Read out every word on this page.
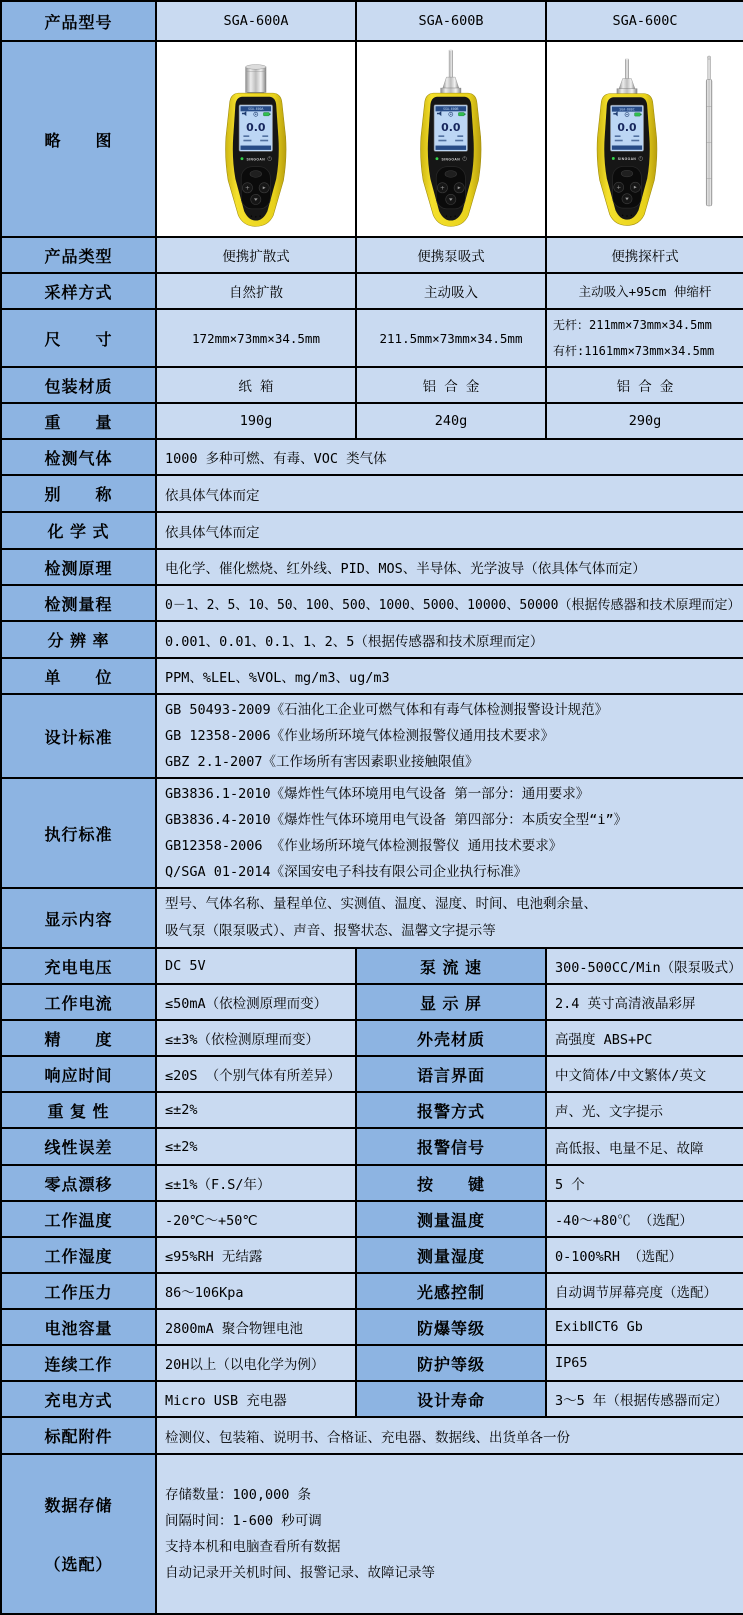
产品型号	SGA-600A	SGA-600B	SGA-600C
略　　图	SGA-600A
0.0
SINGOAN	SGA-600B
0.0
SINGOAN	SGA-600C
0.0
SINGOAN

产品类型	便携扩散式	便携泵吸式	便携探杆式
采样方式	自然扩散	主动吸入	主动吸入+95cm 伸缩杆
尺　　寸	172mm×73mm×34.5mm	211.5mm×73mm×34.5mm	无杆：211mm×73mm×34.5mm
有杆:1161mm×73mm×34.5mm

包装材质	纸 箱	铝 合 金	铝 合 金
重　　量	190g	240g	290g
检测气体	1000 多种可燃、有毒、VOC 类气体		
别　　称	依具体气体而定		
化 学 式	依具体气体而定		
检测原理	电化学、催化燃烧、红外线、PID、MOS、半导体、光学波导（依具体气体而定）		
检测量程	0－1、2、5、10、50、100、500、1000、5000、10000、50000（根据传感器和技术原理而定）		
分 辨 率	0.001、0.01、0.1、1、2、5（根据传感器和技术原理而定）		
单　　位	PPM、%LEL、%VOL、mg/m3、ug/m3		
设计标准	GB 50493-2009《石油化工企业可燃气体和有毒气体检测报警设计规范》
GB 12358-2006《作业场所环境气体检测报警仪通用技术要求》
GBZ 2.1-2007《工作场所有害因素职业接触限值》		

执行标准	GB3836.1-2010《爆炸性气体环境用电气设备 第一部分：通用要求》
GB3836.4-2010《爆炸性气体环境用电气设备 第四部分：本质安全型“i”》
GB12358-2006 《作业场所环境气体检测报警仪 通用技术要求》
Q/SGA 01-2014《深国安电子科技有限公司企业执行标准》		

显示内容	型号、气体名称、量程单位、实测值、温度、湿度、时间、电池剩余量、
吸气泵（限泵吸式）、声音、报警状态、温馨文字提示等		

充电电压	DC 5V	泵 流 速	300-500CC/Min（限泵吸式）
工作电流	≤50mA（依检测原理而变）	显 示 屏	2.4 英寸高清液晶彩屏
精　　度	≤±3%（依检测原理而变）	外壳材质	高强度 ABS+PC
响应时间	≤20S （个别气体有所差异）	语言界面	中文简体/中文繁体/英文
重 复 性	≤±2%	报警方式	声、光、文字提示
线性误差	≤±2%	报警信号	高低报、电量不足、故障
零点漂移	≤±1%（F.S/年）	按　　键	5 个
工作温度	-20℃～+50℃	测量温度	-40～+80℃ （选配）
工作湿度	≤95%RH 无结露	测量湿度	0-100%RH （选配）
工作压力	86～106Kpa	光感控制	自动调节屏幕亮度（选配）
电池容量	2800mA 聚合物锂电池	防爆等级	ExibⅡCT6 Gb
连续工作	20H以上（以电化学为例）	防护等级	IP65
充电方式	Micro USB 充电器	设计寿命	3～5 年（根据传感器而定）
标配附件	检测仪、包装箱、说明书、合格证、充电器、数据线、出货单各一份		

数据存储

（选配）

存储数量：100,000 条
间隔时间：1-600 秒可调
支持本机和电脑查看所有数据
自动记录开关机时间、报警记录、故障记录等
